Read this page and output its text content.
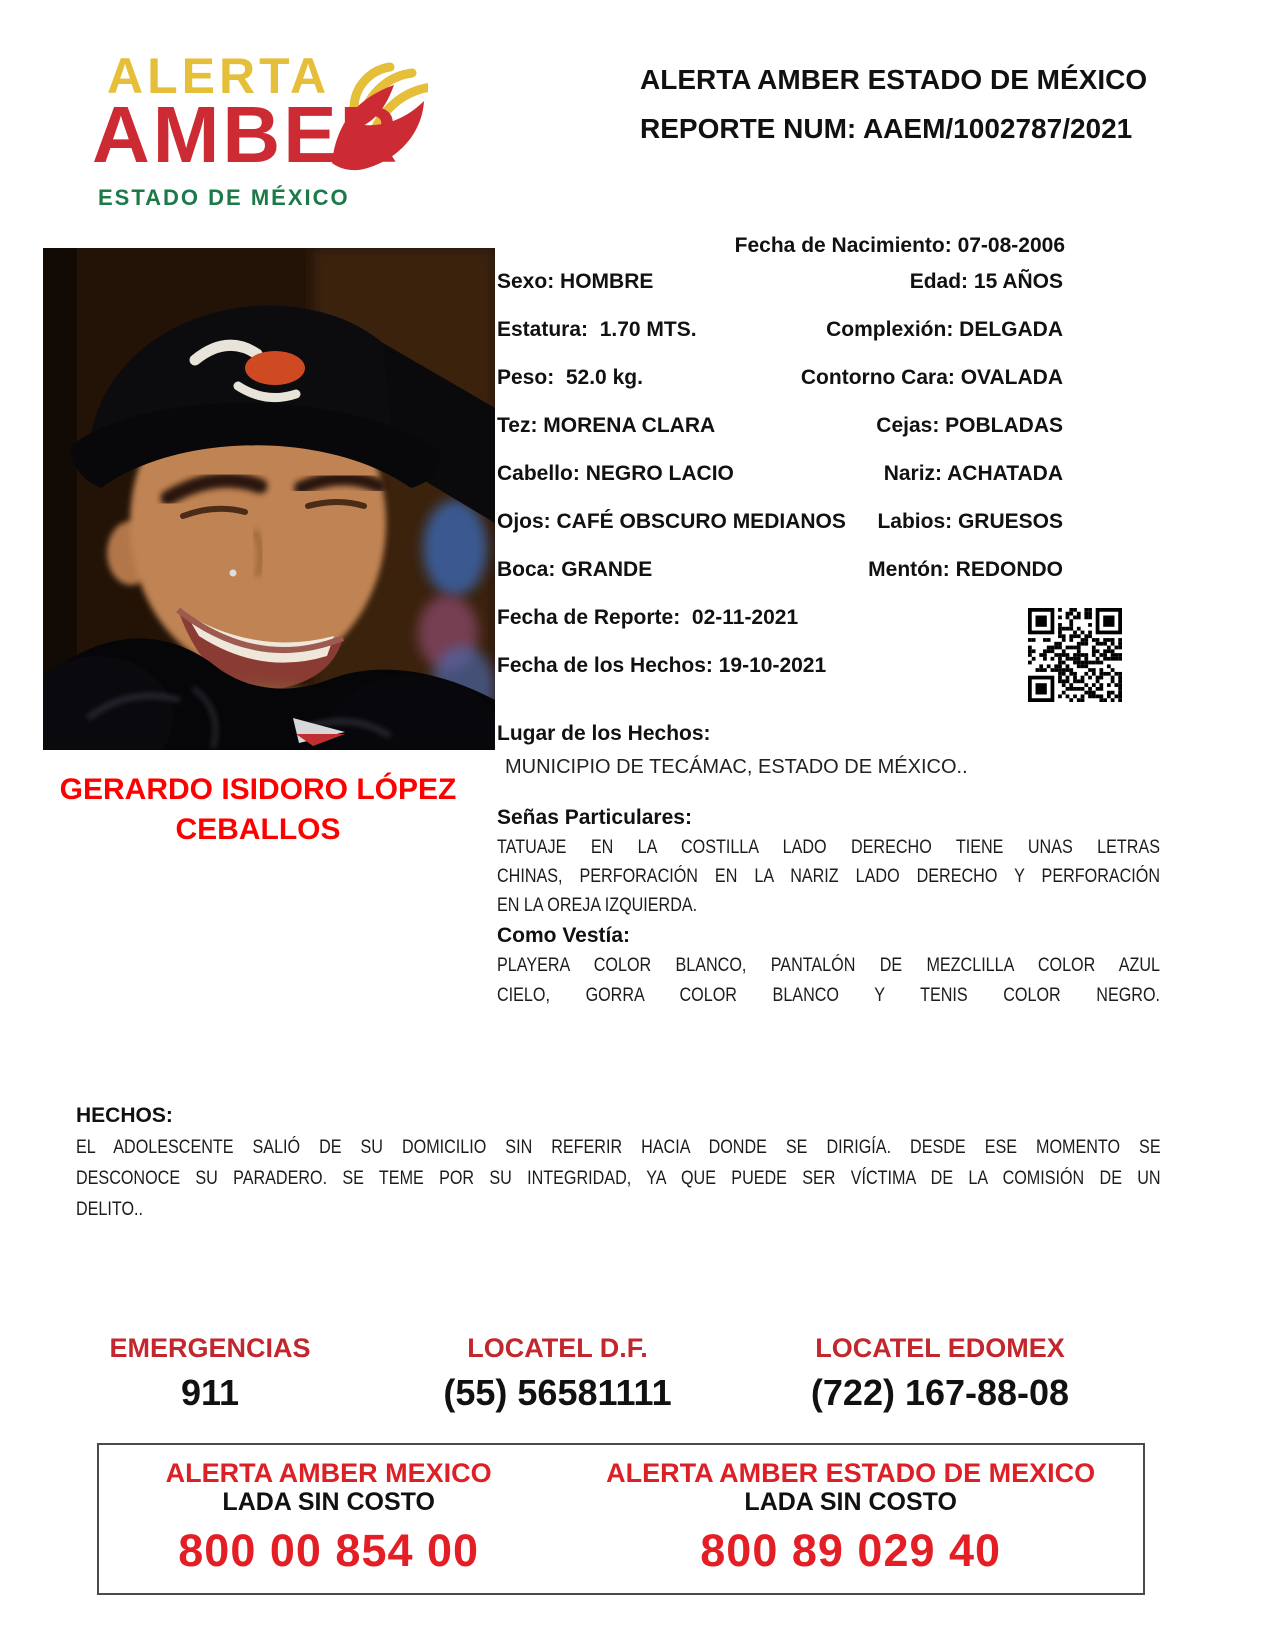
ALERTA
AMBER
ESTADO DE MÉXICO
ALERTA AMBER ESTADO DE MÉXICO
REPORTE NUM: AAEM/1002787/2021
GERARDO ISIDORO LÓPEZ
CEBALLOS
Fecha de Nacimiento: 07-08-2006
Sexo: HOMBRE	Edad: 15 AÑOS
Estatura: 1.70 MTS.	Complexión: DELGADA
Peso: 52.0 kg.	Contorno Cara: OVALADA
Tez: MORENA CLARA	Cejas: POBLADAS
Cabello: NEGRO LACIO	Nariz: ACHATADA
Ojos: CAFÉ OBSCURO MEDIANOS Labios: GRUESOS
Boca: GRANDE	Mentón: REDONDO
Fecha de Reporte: 02-11-2021
Fecha de los Hechos: 19-10-2021
Lugar de los Hechos:
MUNICIPIO DE TECÁMAC, ESTADO DE MÉXICO..
Señas Particulares:
TATUAJE EN LA COSTILLA LADO DERECHO TIENE UNAS LETRAS
CHINAS, PERFORACIÓN EN LA NARIZ LADO DERECHO Y PERFORACIÓN
EN LA OREJA IZQUIERDA.
Como Vestía:
PLAYERA COLOR BLANCO, PANTALÓN DE MEZCLILLA COLOR AZUL
CIELO, GORRA COLOR BLANCO Y TENIS COLOR NEGRO.
HECHOS:
EL ADOLESCENTE SALIÓ DE SU DOMICILIO SIN REFERIR HACIA DONDE SE DIRIGÍA. DESDE ESE MOMENTO SE
DESCONOCE SU PARADERO. SE TEME POR SU INTEGRIDAD, YA QUE PUEDE SER VÍCTIMA DE LA COMISIÓN DE UN
DELITO..
EMERGENCIAS
911
LOCATEL D.F.
(55) 56581111
LOCATEL EDOMEX
(722) 167-88-08
ALERTA AMBER MEXICO
LADA SIN COSTO
800 00 854 00
ALERTA AMBER ESTADO DE MEXICO
LADA SIN COSTO
800 89 029 40
